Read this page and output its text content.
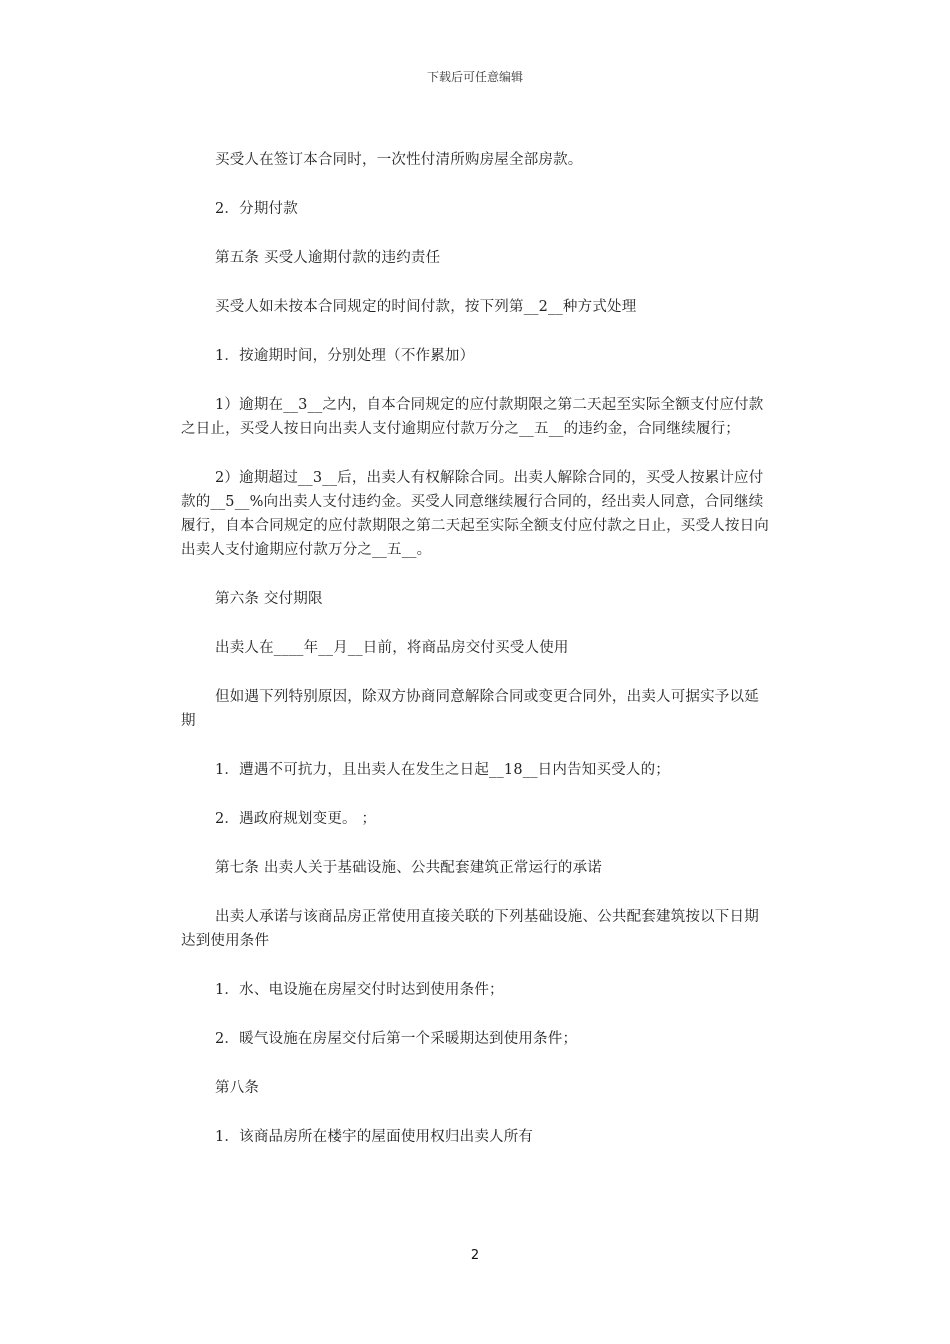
下载后可任意编辑

买受人在签订本合同时，一次性付清所购房屋全部房款。

2．分期付款

第五条 买受人逾期付款的违约责任

买受人如未按本合同规定的时间付款，按下列第__2__种方式处理

1．按逾期时间，分别处理（不作累加）

1）逾期在__3__之内，自本合同规定的应付款期限之第二天起至实际全额支付应付款之日止，买受人按日向出卖人支付逾期应付款万分之__五__的违约金，合同继续履行；

2）逾期超过__3__后，出卖人有权解除合同。出卖人解除合同的，买受人按累计应付款的__5__%向出卖人支付违约金。买受人同意继续履行合同的，经出卖人同意，合同继续履行，自本合同规定的应付款期限之第二天起至实际全额支付应付款之日止，买受人按日向出卖人支付逾期应付款万分之__五__。

第六条 交付期限

出卖人在____年__月__日前，将商品房交付买受人使用

但如遇下列特别原因，除双方协商同意解除合同或变更合同外，出卖人可据实予以延期

1．遭遇不可抗力，且出卖人在发生之日起__18__日内告知买受人的；

2．遇政府规划变更。 ；

第七条 出卖人关于基础设施、公共配套建筑正常运行的承诺

出卖人承诺与该商品房正常使用直接关联的下列基础设施、公共配套建筑按以下日期达到使用条件

1．水、电设施在房屋交付时达到使用条件；

2．暖气设施在房屋交付后第一个采暖期达到使用条件；

第八条

1．该商品房所在楼宇的屋面使用权归出卖人所有

2
